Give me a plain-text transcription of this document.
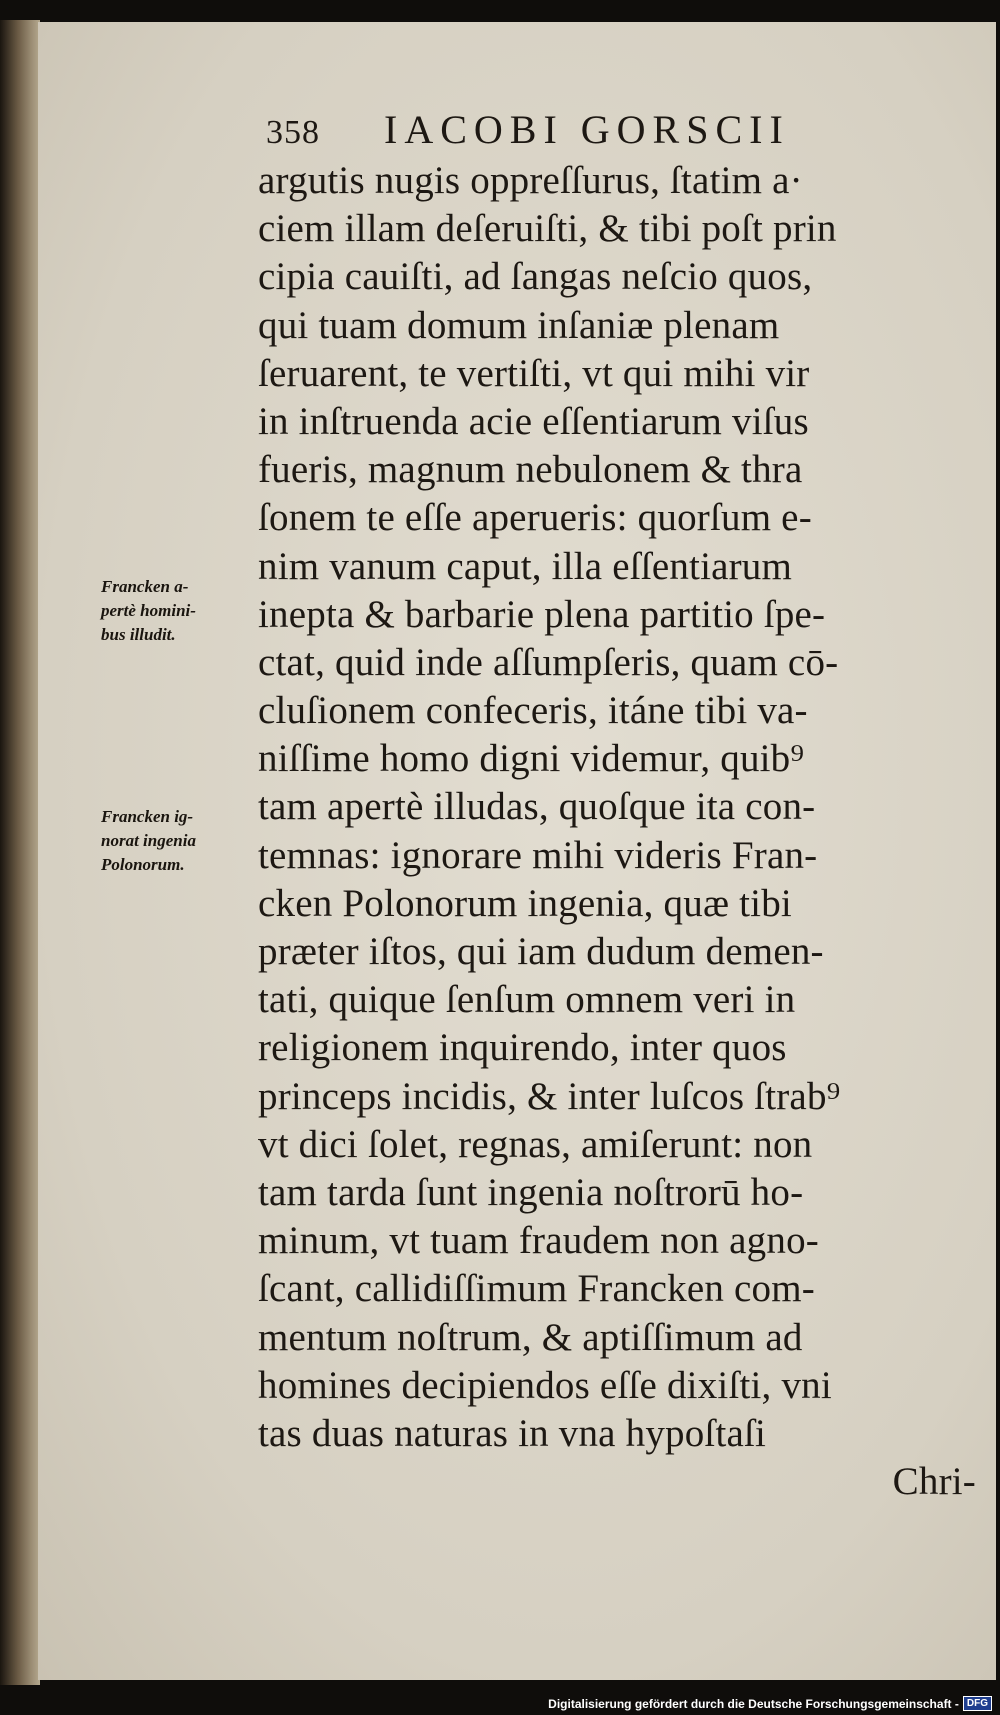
358 IACOBI GORSCII
Francken a-
pertè homini-
bus illudit.
Francken ig-
norat ingenia
Polonorum.
argutis nugis oppreſſurus, ſtatim a·
ciem illam deſeruiſti, & tibi poſt prin
cipia cauiſti, ad ſangas neſcio quos,
qui tuam domum inſaniæ plenam
ſeruarent, te vertiſti, vt qui mihi vir
in inſtruenda acie eſſentiarum viſus
fueris, magnum nebulonem & thra
ſonem te eſſe aperueris: quorſum e-
nim vanum caput, illa eſſentiarum
inepta & barbarie plena partitio ſpe-
ctat, quid inde aſſumpſeris, quam cō-
cluſionem confeceris, itáne tibi va-
niſſime homo digni videmur, quib⁹
tam apertè illudas, quoſque ita con-
temnas: ignorare mihi videris Fran-
cken Polonorum ingenia, quæ tibi
præter iſtos, qui iam dudum demen-
tati, quique ſenſum omnem veri in
religionem inquirendo, inter quos
princeps incidis, & inter luſcos ſtrab⁹
vt dici ſolet, regnas, amiſerunt: non
tam tarda ſunt ingenia noſtrorū ho-
minum, vt tuam fraudem non agno-
ſcant, callidiſſimum Francken com-
mentum noſtrum, & aptiſſimum ad
homines decipiendos eſſe dixiſti, vni
tas duas naturas in vna hypoſtaſi
Chri-
Digitalisierung gefördert durch die Deutsche Forschungsgemeinschaft - DFG
